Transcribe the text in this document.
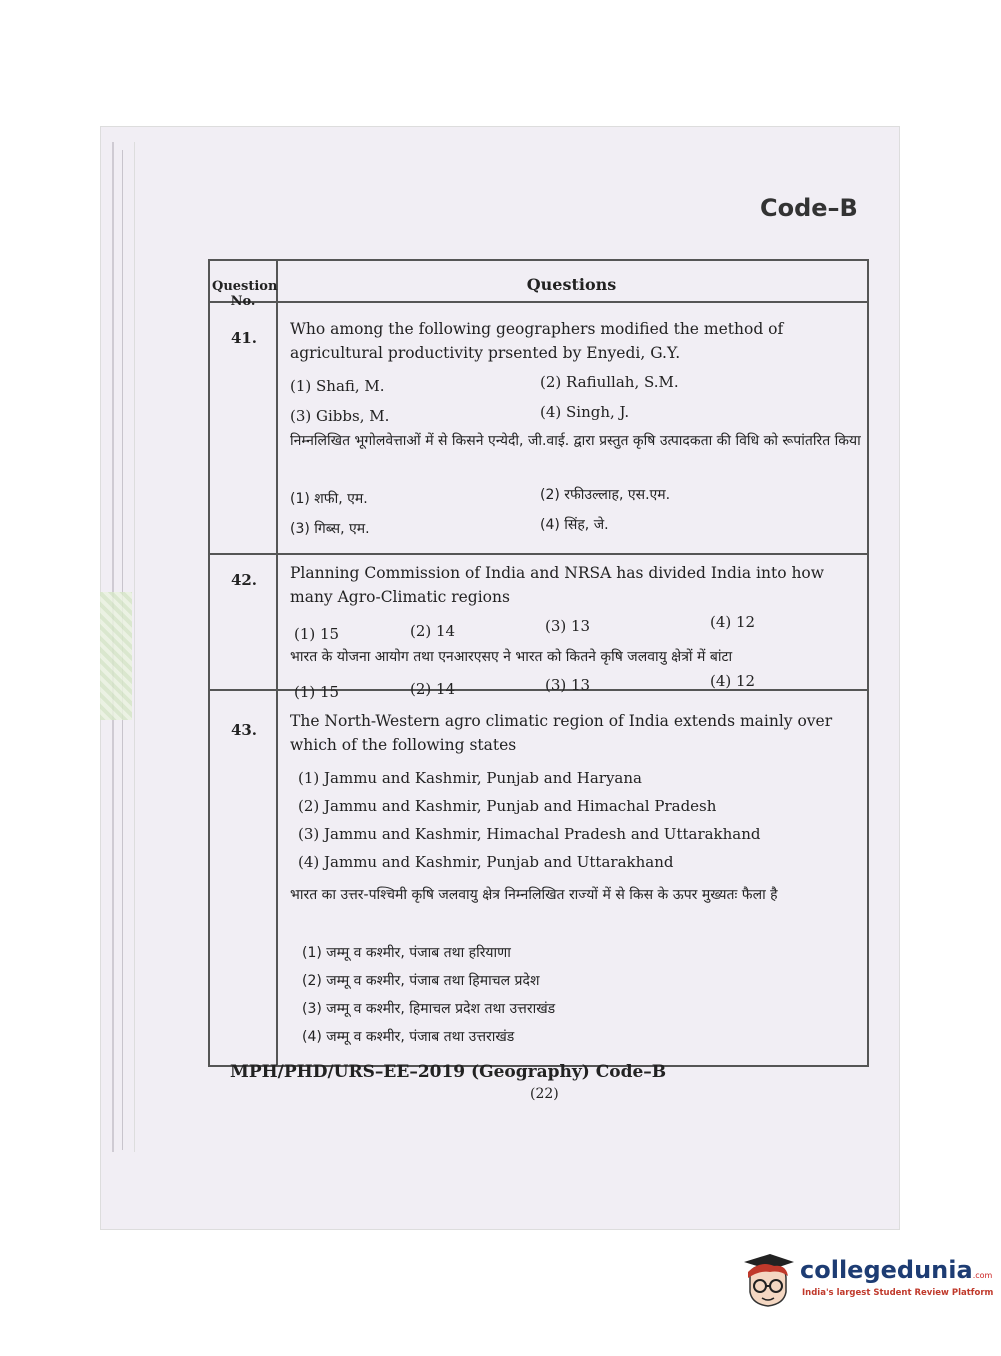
Code–B
Question No.
Questions
41.	Who among the following geographers modified the method of agricultural productivity prsented by Enyedi, G.Y.
(1) Shafi, M.	(2) Rafiullah, S.M.
(3) Gibbs, M.	(4) Singh, J.
निम्नलिखित भूगोलवेत्ताओं में से किसने एन्येदी, जी.वाई. द्वारा प्रस्तुत कृषि उत्पादकता की विधि को रूपांतरित किया
(1) शफी, एम.	(2) रफीउल्लाह, एस.एम.
(3) गिब्स, एम.	(4) सिंह, जे.
42.	Planning Commission of India and NRSA has divided India into how many Agro-Climatic regions
(1) 15	(2) 14	(3) 13	(4) 12
भारत के योजना आयोग तथा एनआरएसए ने भारत को कितने कृषि जलवायु क्षेत्रों में बांटा
(1) 15	(2) 14	(3) 13	(4) 12
43.	The North-Western agro climatic region of India extends mainly over which of the following states
(1) Jammu and Kashmir, Punjab and Haryana
(2) Jammu and Kashmir, Punjab and Himachal Pradesh
(3) Jammu and Kashmir, Himachal Pradesh and Uttarakhand
(4) Jammu and Kashmir, Punjab and Uttarakhand
भारत का उत्तर-पश्चिमी कृषि जलवायु क्षेत्र निम्नलिखित राज्यों में से किस के ऊपर मुख्यतः फैला है
(1) जम्मू व कश्मीर, पंजाब तथा हरियाणा
(2) जम्मू व कश्मीर, पंजाब तथा हिमाचल प्रदेश
(3) जम्मू व कश्मीर, हिमाचल प्रदेश तथा उत्तराखंड
(4) जम्मू व कश्मीर, पंजाब तथा उत्तराखंड
MPH/PHD/URS–EE–2019 (Geography) Code–B
(22)
collegedunia.com
India's largest Student Review Platform
